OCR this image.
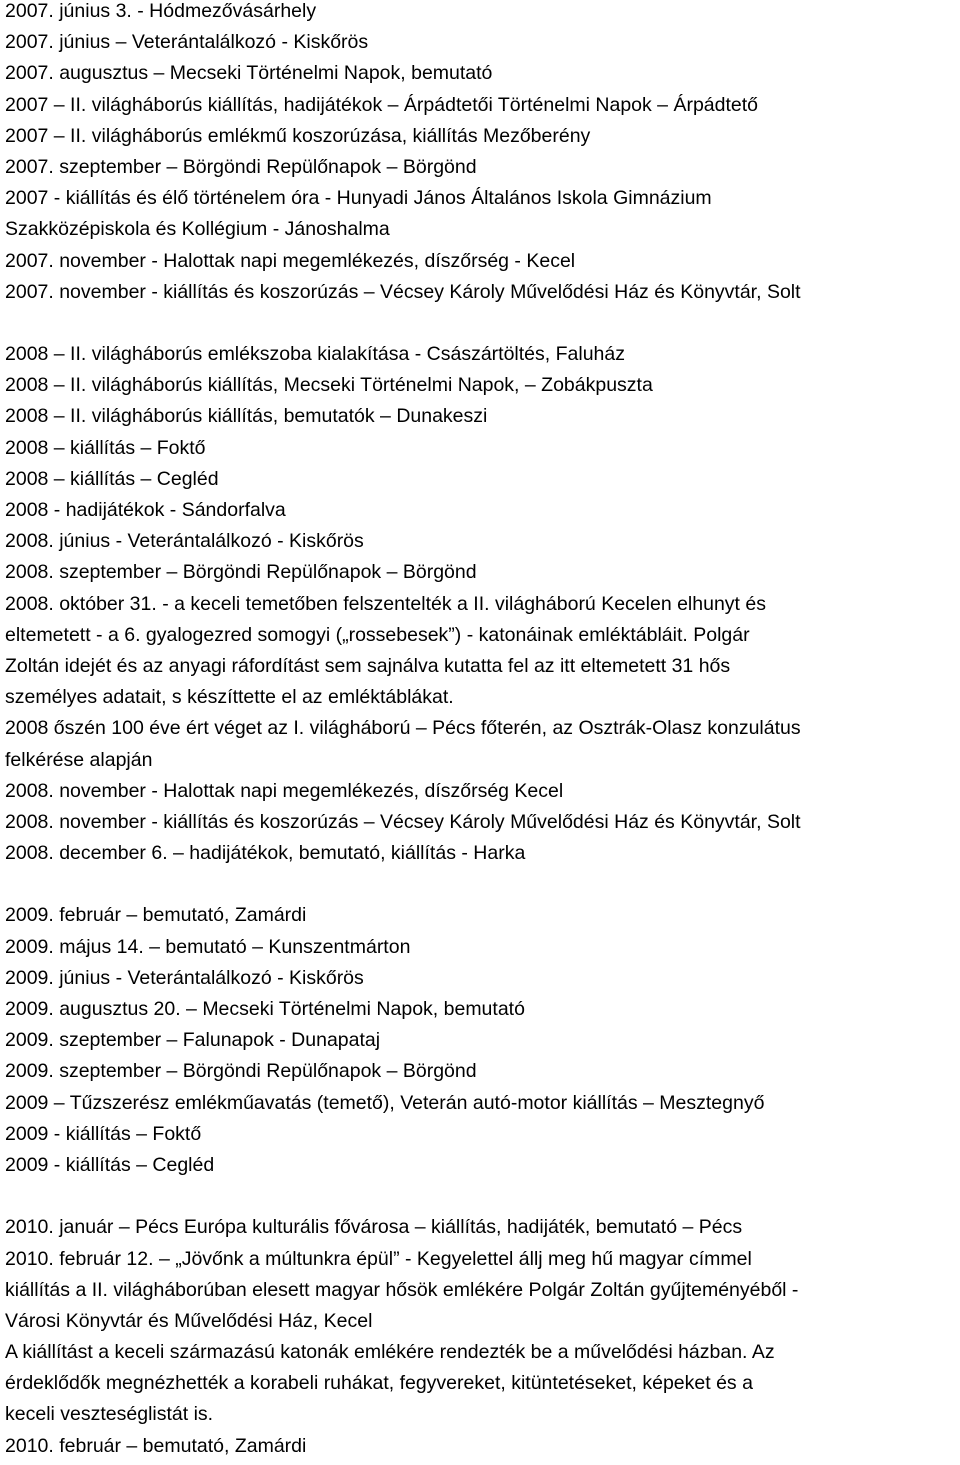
2007. június 3. - Hódmezővásárhely
2007. június – Veterántalálkozó - Kiskőrös
2007. augusztus – Mecseki Történelmi Napok, bemutató
2007 – II. világháborús kiállítás, hadijátékok – Árpádtetői Történelmi Napok – Árpádtető
2007 – II. világháborús emlékmű koszorúzása, kiállítás Mezőberény
2007. szeptember – Börgöndi Repülőnapok – Börgönd
2007 - kiállítás és élő történelem óra - Hunyadi János Általános Iskola Gimnázium
Szakközépiskola és Kollégium - Jánoshalma
2007. november - Halottak napi megemlékezés, díszőrség - Kecel
2007. november - kiállítás és koszorúzás – Vécsey Károly Művelődési Ház és Könyvtár, Solt
2008 – II. világháborús emlékszoba kialakítása - Császártöltés, Faluház
2008 – II. világháborús kiállítás, Mecseki Történelmi Napok, – Zobákpuszta
2008 – II. világháborús kiállítás, bemutatók – Dunakeszi
2008 – kiállítás – Foktő
2008 – kiállítás – Cegléd
2008 - hadijátékok - Sándorfalva
2008. június - Veterántalálkozó - Kiskőrös
2008. szeptember – Börgöndi Repülőnapok – Börgönd
2008. október 31. - a keceli temetőben felszentelték a II. világháború Kecelen elhunyt és
eltemetett - a 6. gyalogezred somogyi („rossebesek”) - katonáinak emléktábláit. Polgár
Zoltán idejét és az anyagi ráfordítást sem sajnálva kutatta fel az itt eltemetett 31 hős
személyes adatait, s készíttette el az emléktáblákat.
2008 őszén 100 éve ért véget az I. világháború – Pécs főterén, az Osztrák-Olasz konzulátus
felkérése alapján
2008. november - Halottak napi megemlékezés, díszőrség Kecel
2008. november - kiállítás és koszorúzás – Vécsey Károly Művelődési Ház és Könyvtár, Solt
2008. december 6. – hadijátékok, bemutató, kiállítás - Harka
2009. február – bemutató, Zamárdi
2009. május 14. – bemutató – Kunszentmárton
2009. június - Veterántalálkozó - Kiskőrös
2009. augusztus 20. – Mecseki Történelmi Napok, bemutató
2009. szeptember – Falunapok - Dunapataj
2009. szeptember – Börgöndi Repülőnapok – Börgönd
2009 – Tűzszerész emlékműavatás (temető), Veterán autó-motor kiállítás – Mesztegnyő
2009 - kiállítás – Foktő
2009 - kiállítás – Cegléd
2010. január – Pécs Európa kulturális fővárosa – kiállítás, hadijáték, bemutató – Pécs
2010. február 12. – „Jövőnk a múltunkra épül” - Kegyelettel állj meg hű magyar címmel
kiállítás a II. világháborúban elesett magyar hősök emlékére Polgár Zoltán gyűjteményéből -
Városi Könyvtár és Művelődési Ház, Kecel
A kiállítást a keceli származású katonák emlékére rendezték be a művelődési házban. Az
érdeklődők megnézhették a korabeli ruhákat, fegyvereket, kitüntetéseket, képeket és a
keceli veszteséglistát is.
2010. február – bemutató, Zamárdi
